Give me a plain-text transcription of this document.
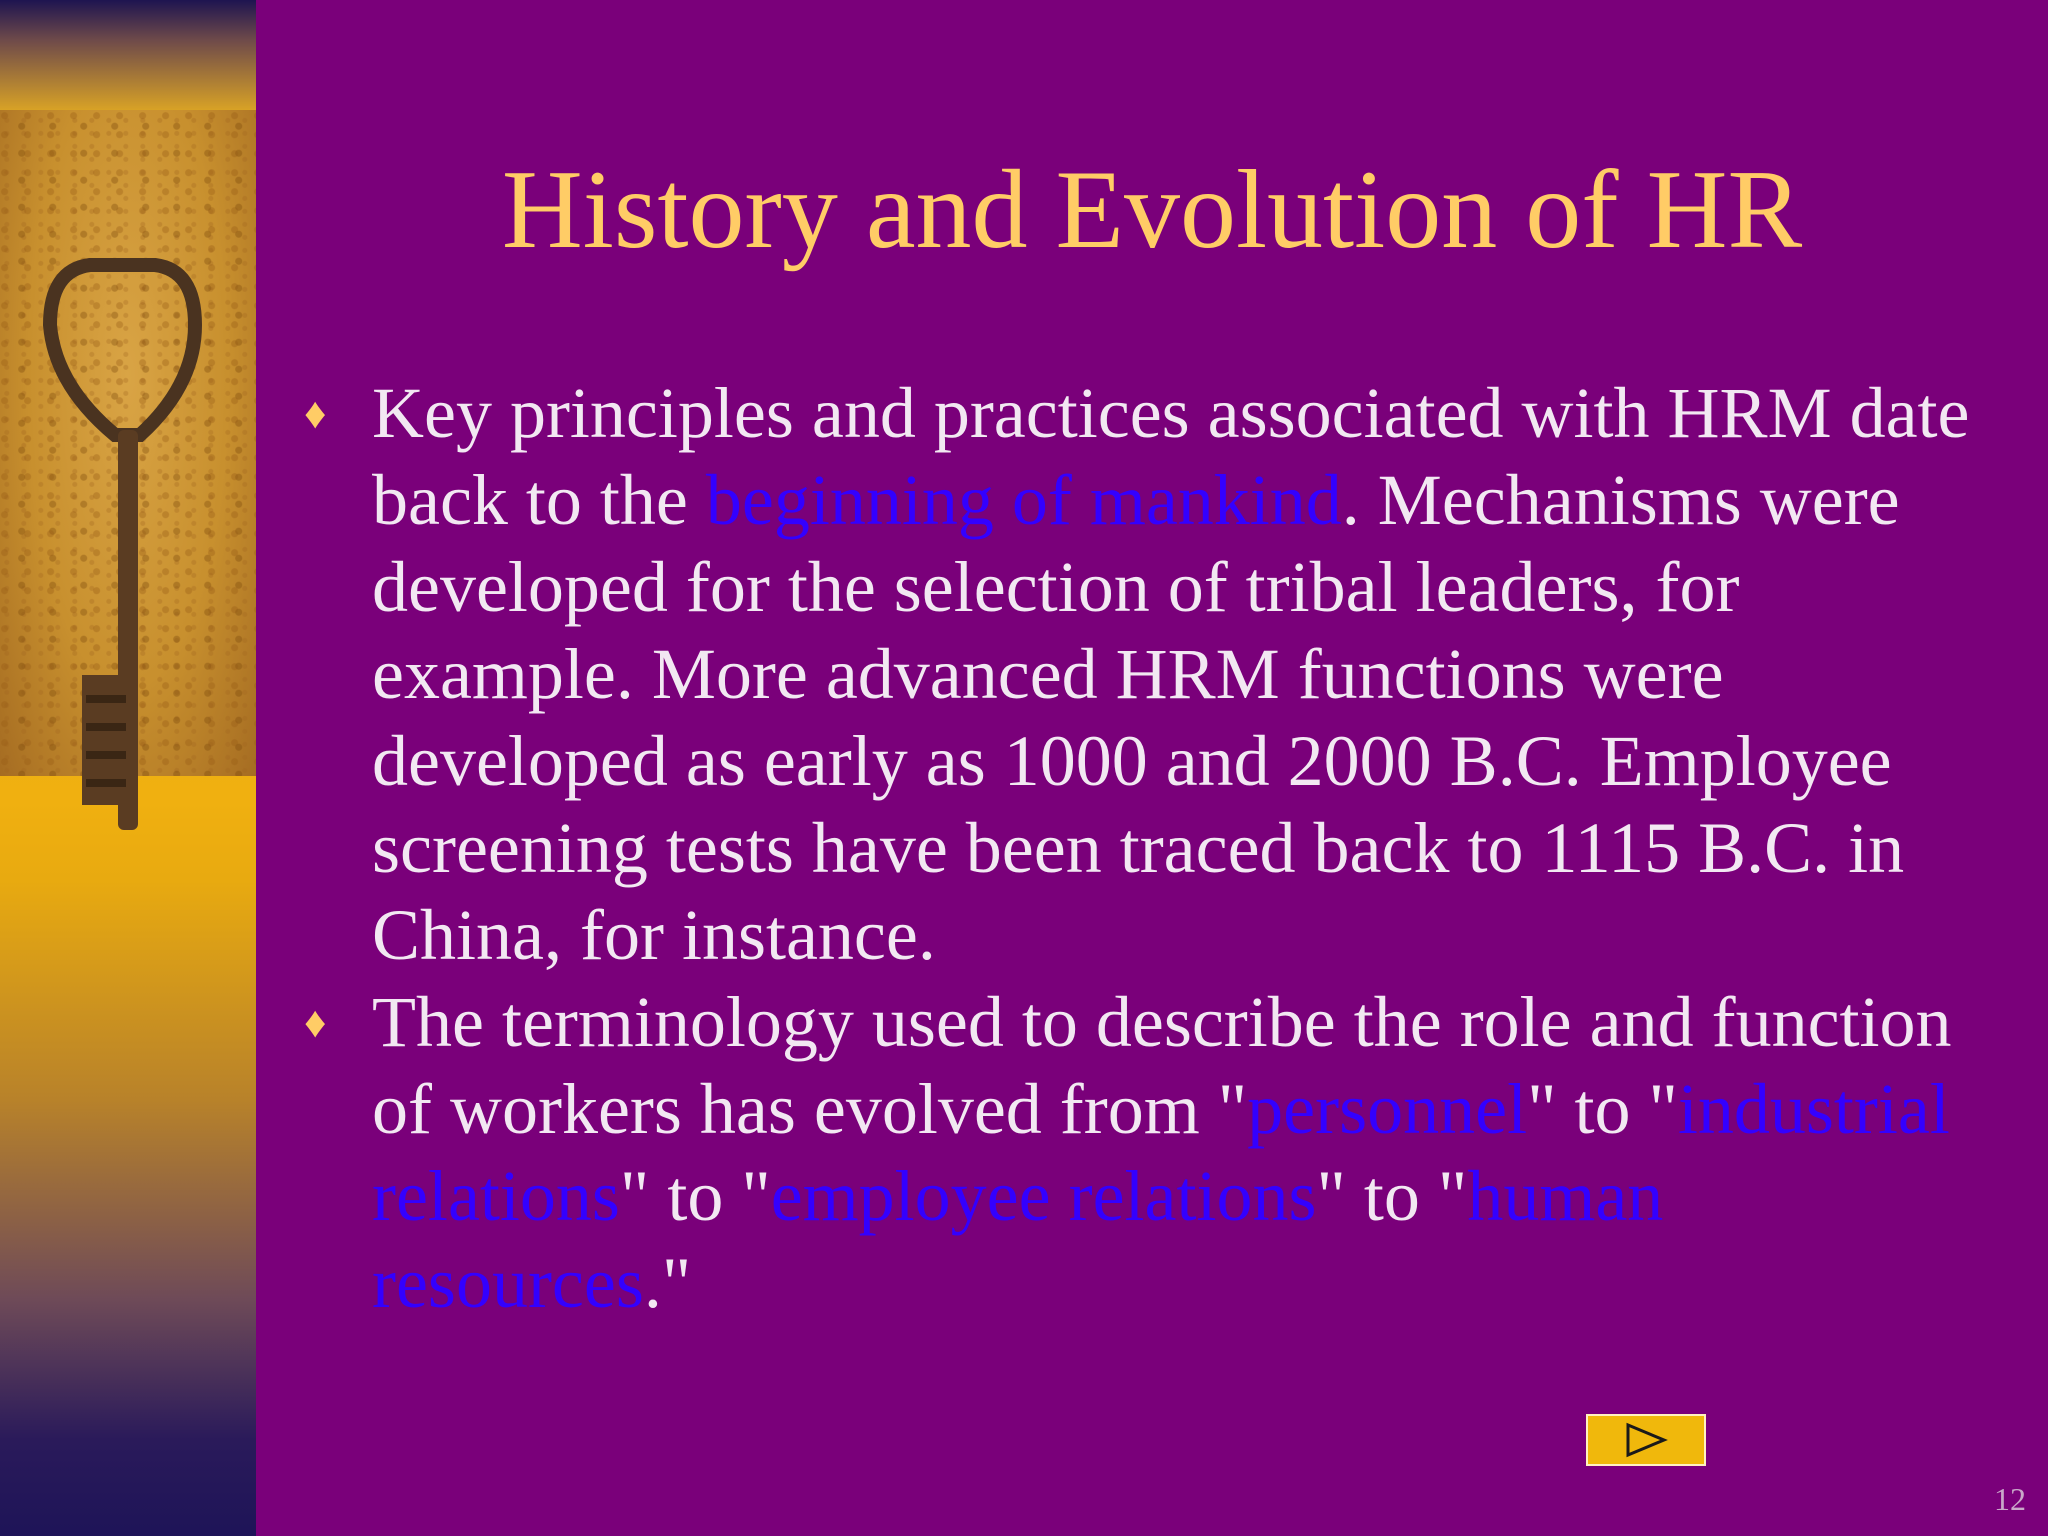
History and Evolution of HR
♦ Key principles and practices associated with HRM date back to the beginning of mankind. Mechanisms were developed for the selection of tribal leaders, for example. More advanced HRM functions were developed as early as 1000 and 2000 B.C. Employee screening tests have been traced back to 1115 B.C. in China, for instance.
♦ The terminology used to describe the role and function of workers has evolved from "personnel" to "industrial relations" to "employee relations" to "human resources."
12
